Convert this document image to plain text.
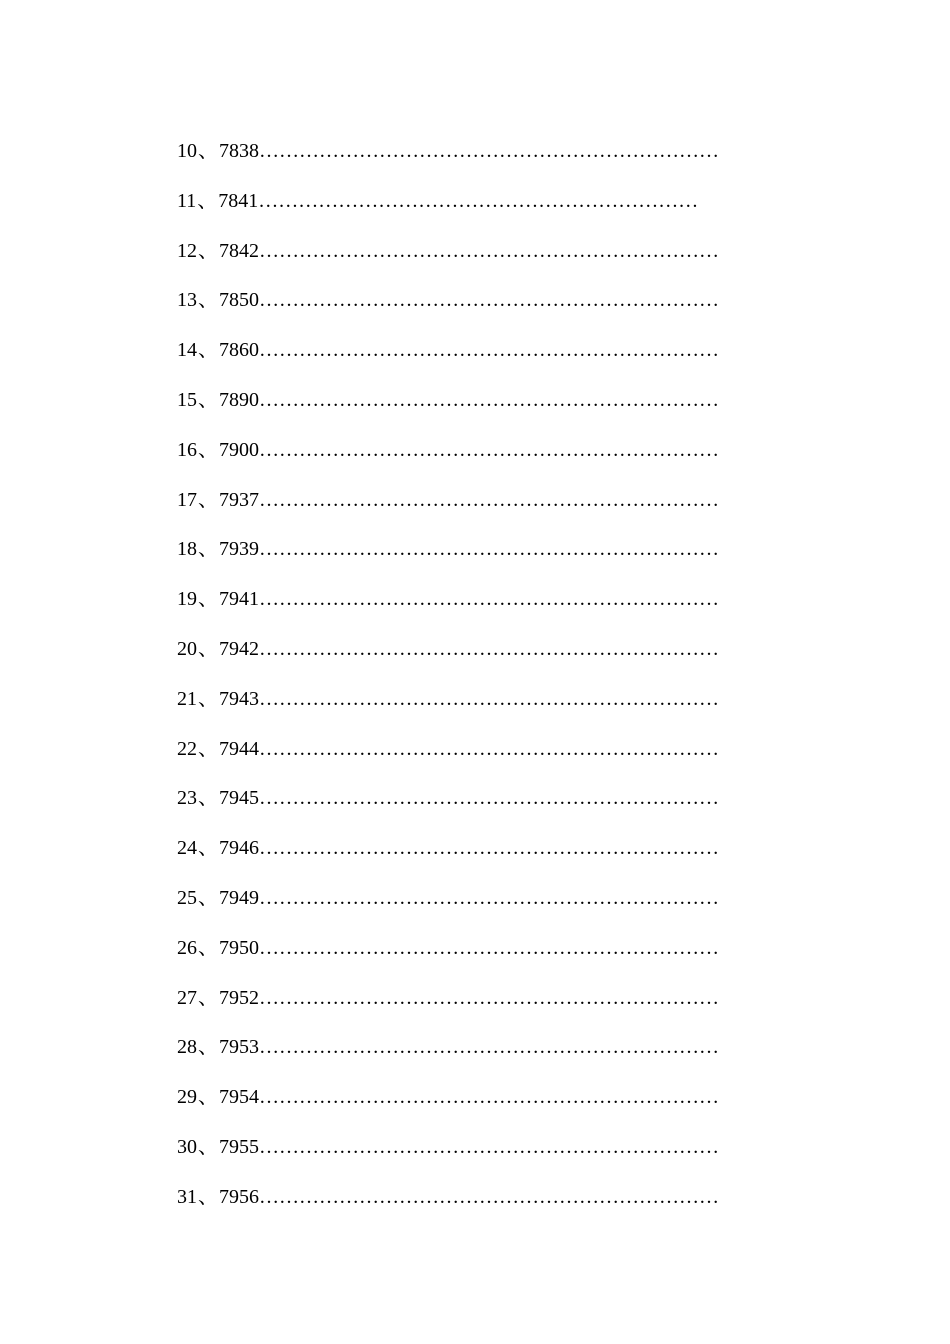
10、7838……………………………………………………………
11、7841…………………………………………………………
12、7842……………………………………………………………
13、7850……………………………………………………………
14、7860……………………………………………………………
15、7890……………………………………………………………
16、7900……………………………………………………………
17、7937……………………………………………………………
18、7939……………………………………………………………
19、7941……………………………………………………………
20、7942……………………………………………………………
21、7943……………………………………………………………
22、7944……………………………………………………………
23、7945……………………………………………………………
24、7946……………………………………………………………
25、7949……………………………………………………………
26、7950……………………………………………………………
27、7952……………………………………………………………
28、7953……………………………………………………………
29、7954……………………………………………………………
30、7955……………………………………………………………
31、7956……………………………………………………………
